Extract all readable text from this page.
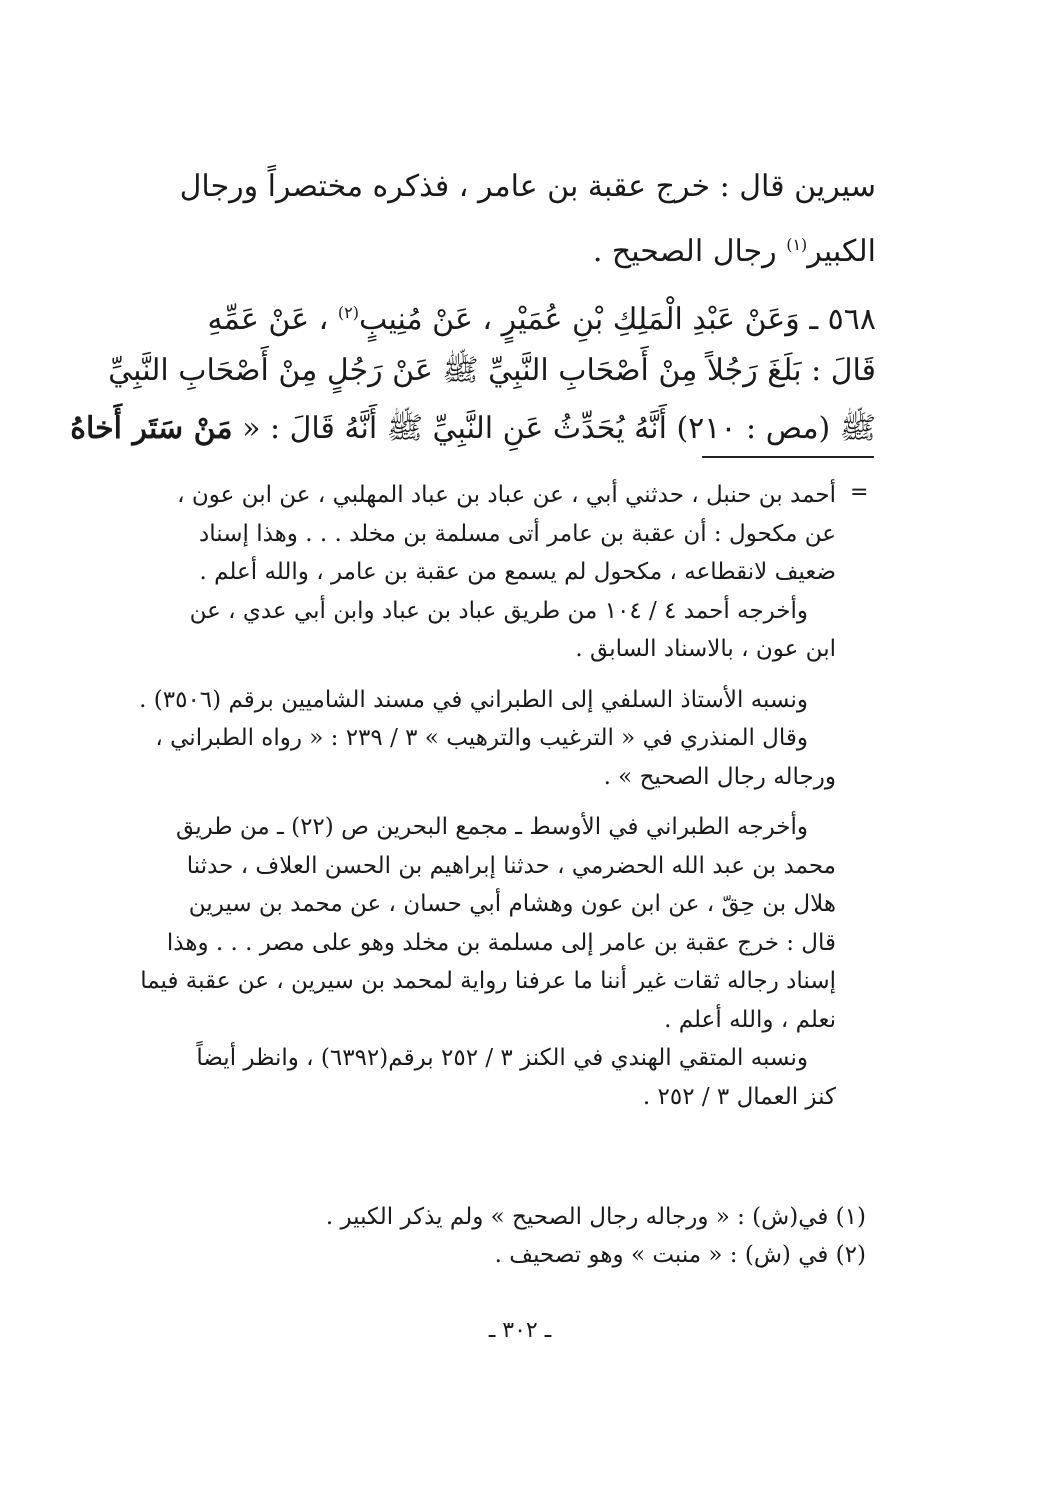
سيرين قال : خرج عقبة بن عامر ، فذكره مختصراً ورجال
الكبير$^{(١)}$ رجال الصحيح .
٥٦٨ ـ وَعَنْ عَبْدِ الْمَلِكِ بْنِ عُمَيْرٍ ، عَنْ مُنِيبٍ$^{(٢)}$ ، عَنْ عَمِّهِ
قَالَ : بَلَغَ رَجُلاً مِنْ أَصْحَابِ النَّبِيِّ ﷺ عَنْ رَجُلٍ مِنْ أَصْحَابِ النَّبِيِّ
ﷺ (مص : ٢١٠) أَنَّهُ يُحَدِّثُ عَنِ النَّبِيِّ ﷺ أَنَّهُ قَالَ : « مَنْ سَتَر أَخاهُ
=
أحمد بن حنبل ، حدثني أبي ، عن عباد بن عباد المهلبي ، عن ابن عون ،
عن مكحول : أن عقبة بن عامر أتى مسلمة بن مخلد . . . وهذا إسناد
ضعيف لانقطاعه ، مكحول لم يسمع من عقبة بن عامر ، والله أعلم .
وأخرجه أحمد ٤ / ١٠٤ من طريق عباد بن عباد وابن أبي عدي ، عن
ابن عون ، بالاسناد السابق .
ونسبه الأستاذ السلفي إلى الطبراني في مسند الشاميين برقم (٣٥٠٦) .
وقال المنذري في « الترغيب والترهيب » ٣ / ٢٣٩ : « رواه الطبراني ،
ورجاله رجال الصحيح » .
وأخرجه الطبراني في الأوسط ـ مجمع البحرين ص (٢٢) ـ من طريق
محمد بن عبد الله الحضرمي ، حدثنا إبراهيم بن الحسن العلاف ، حدثنا
هلال بن حِقّ ، عن ابن عون وهشام أبي حسان ، عن محمد بن سيرين
قال : خرج عقبة بن عامر إلى مسلمة بن مخلد وهو على مصر . . . وهذا
إسناد رجاله ثقات غير أننا ما عرفنا رواية لمحمد بن سيرين ، عن عقبة فيما
نعلم ، والله أعلم .
ونسبه المتقي الهندي في الكنز ٣ / ٢٥٢ برقم(٦٣٩٢) ، وانظر أيضاً
كنز العمال ٣ / ٢٥٢ .
(١) في(ش) : « ورجاله رجال الصحيح » ولم يذكر الكبير .
(٢) في (ش) : « منبت » وهو تصحيف .
ـ ٣٠٢ ـ
